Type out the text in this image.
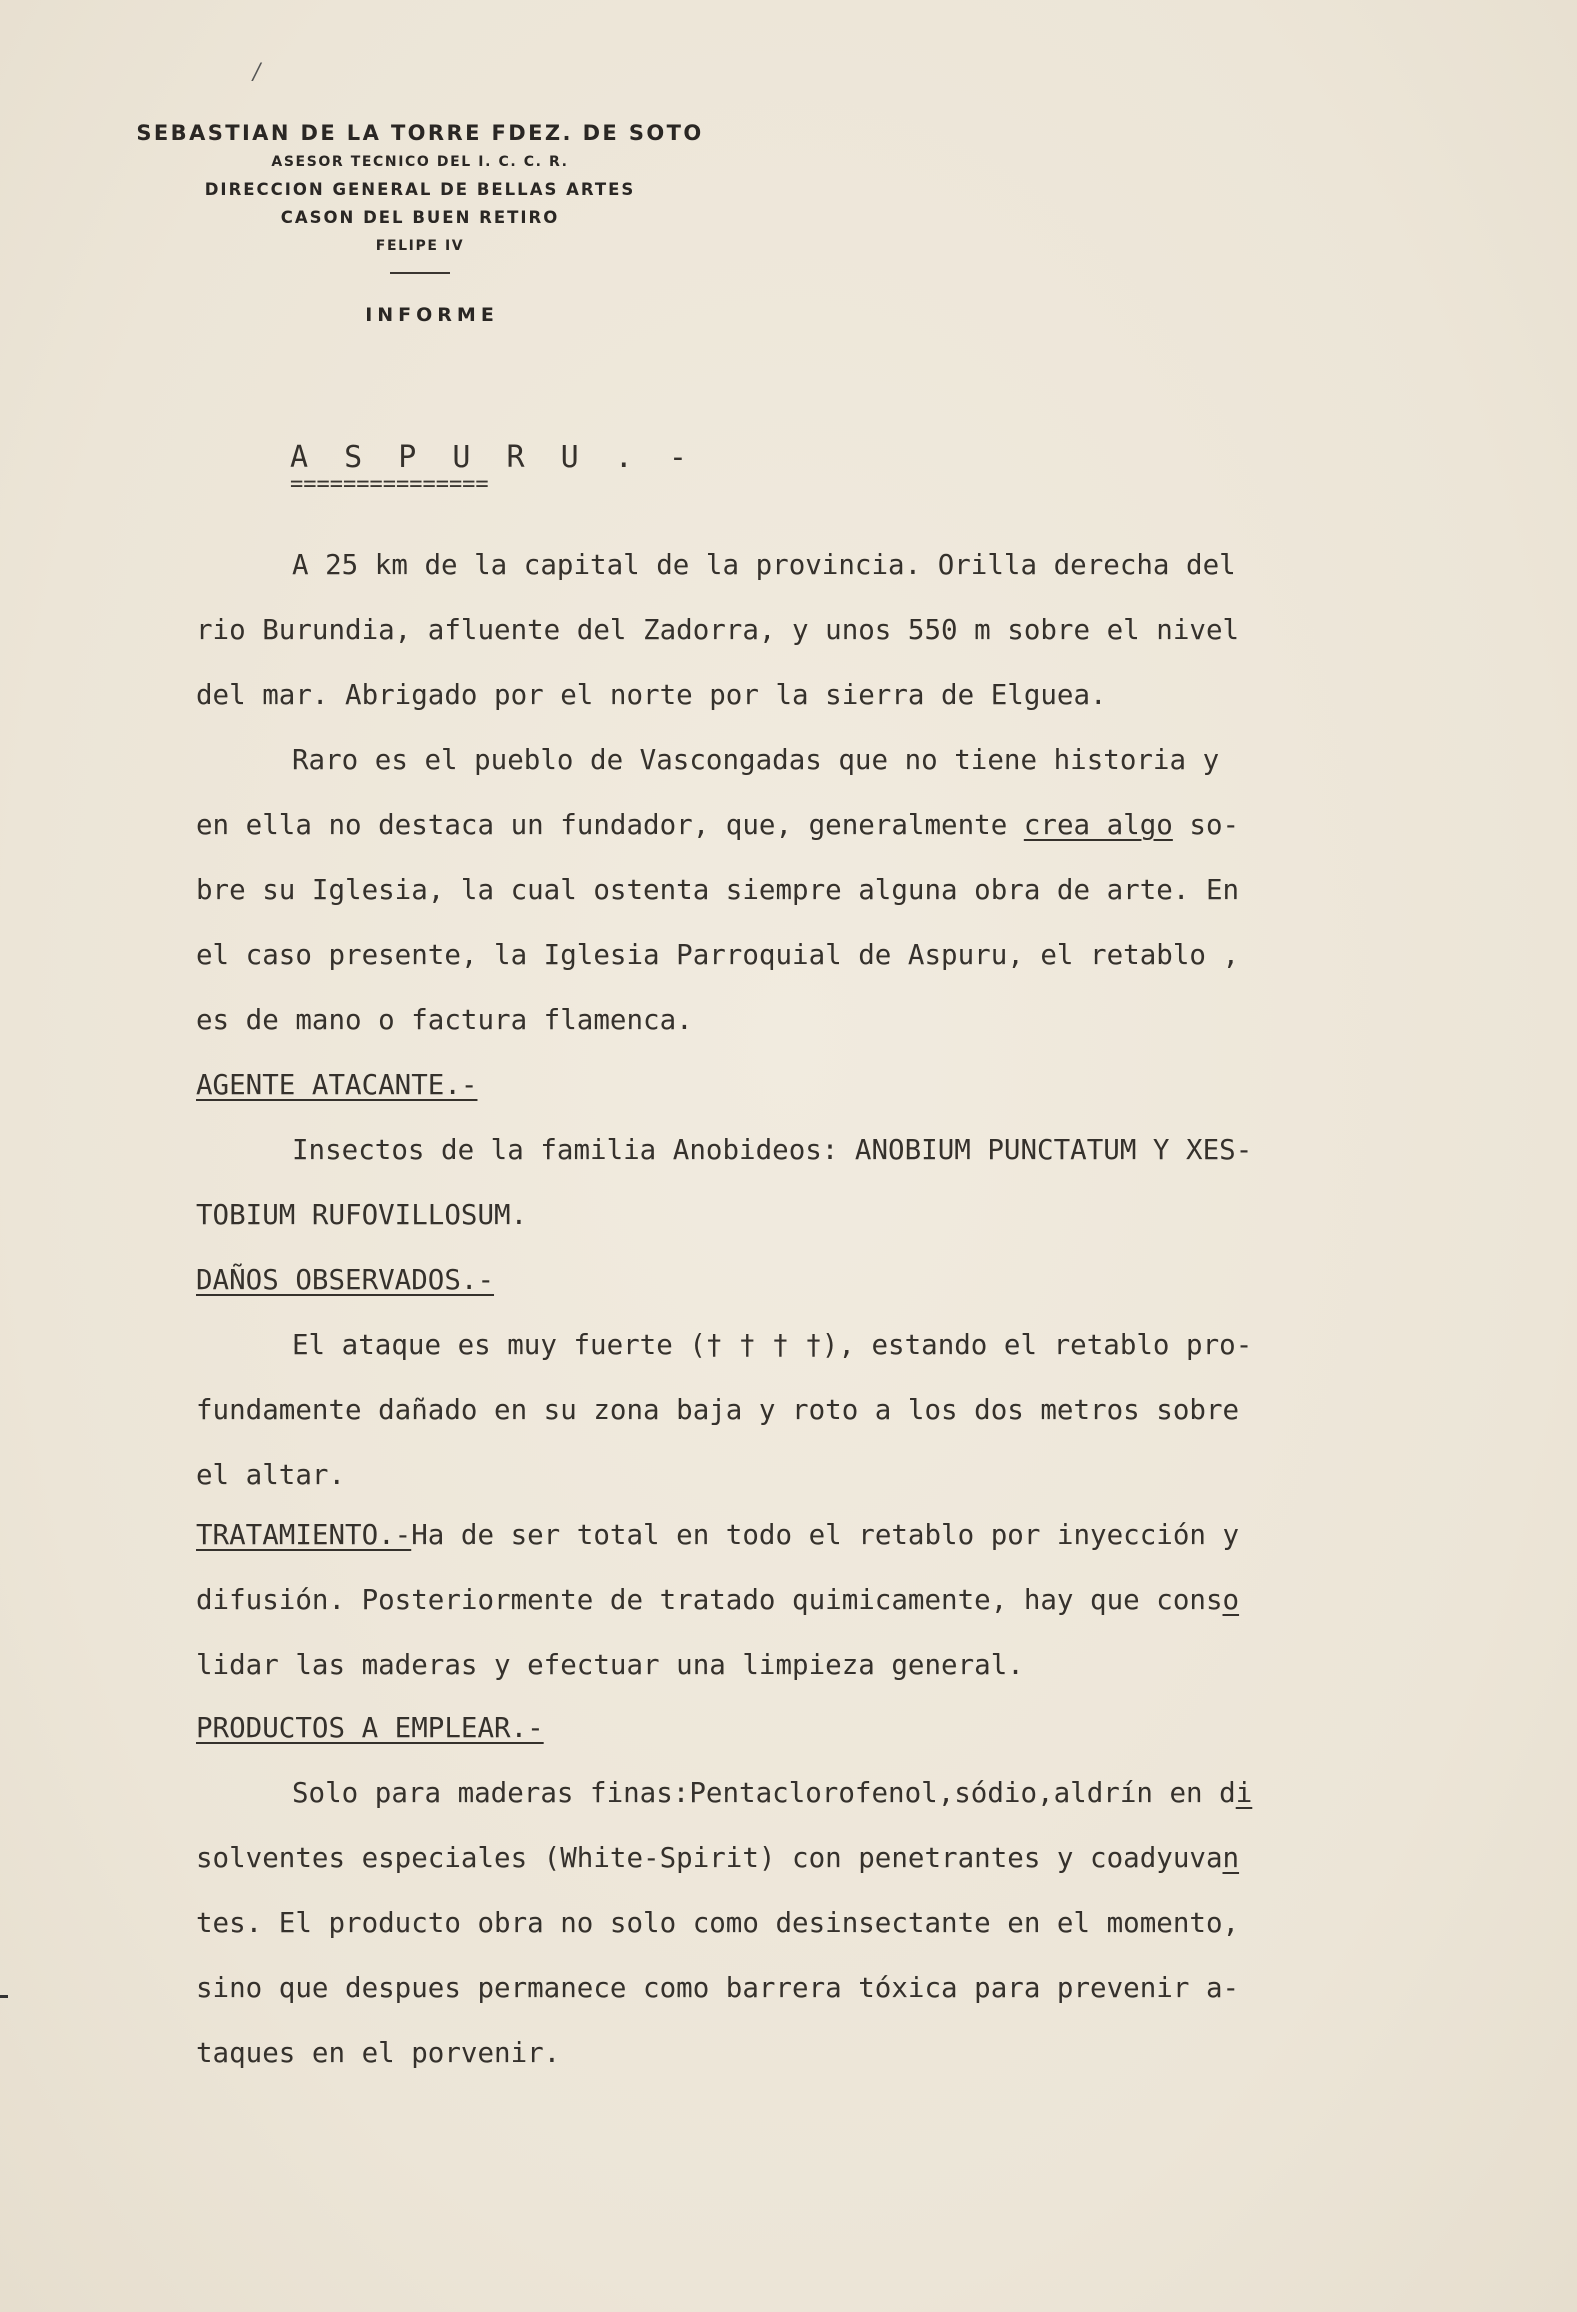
/
SEBASTIAN DE LA TORRE FDEZ. DE SOTO
ASESOR TECNICO DEL I. C. C. R.
DIRECCION GENERAL DE BELLAS ARTES
CASON DEL BUEN RETIRO
FELIPE IV
INFORME
A S P U R U . -
===============
A 25 km de la capital de la provincia. Orilla derecha del
rio Burundia, afluente del Zadorra, y unos 550 m sobre el nivel
del mar. Abrigado por el norte por la sierra de Elguea.
Raro es el pueblo de Vascongadas que no tiene historia y
en ella no destaca un fundador, que, generalmente crea algo so-
bre su Iglesia, la cual ostenta siempre alguna obra de arte. En
el caso presente, la Iglesia Parroquial de Aspuru, el retablo ,
es de mano o factura flamenca.
AGENTE ATACANTE.-
Insectos de la familia Anobideos: ANOBIUM PUNCTATUM Y XES-
TOBIUM RUFOVILLOSUM.
DAÑOS OBSERVADOS.-
El ataque es muy fuerte († † † †), estando el retablo pro-
fundamente dañado en su zona baja y roto a los dos metros sobre
el altar.
TRATAMIENTO.-Ha de ser total en todo el retablo por inyección y
difusión. Posteriormente de tratado quimicamente, hay que conso
lidar las maderas y efectuar una limpieza general.
PRODUCTOS A EMPLEAR.-
Solo para maderas finas:Pentaclorofenol,sódio,aldrín en di
solventes especiales (White-Spirit) con penetrantes y coadyuvan
tes. El producto obra no solo como desinsectante en el momento,
sino que despues permanece como barrera tóxica para prevenir a-
taques en el porvenir.
